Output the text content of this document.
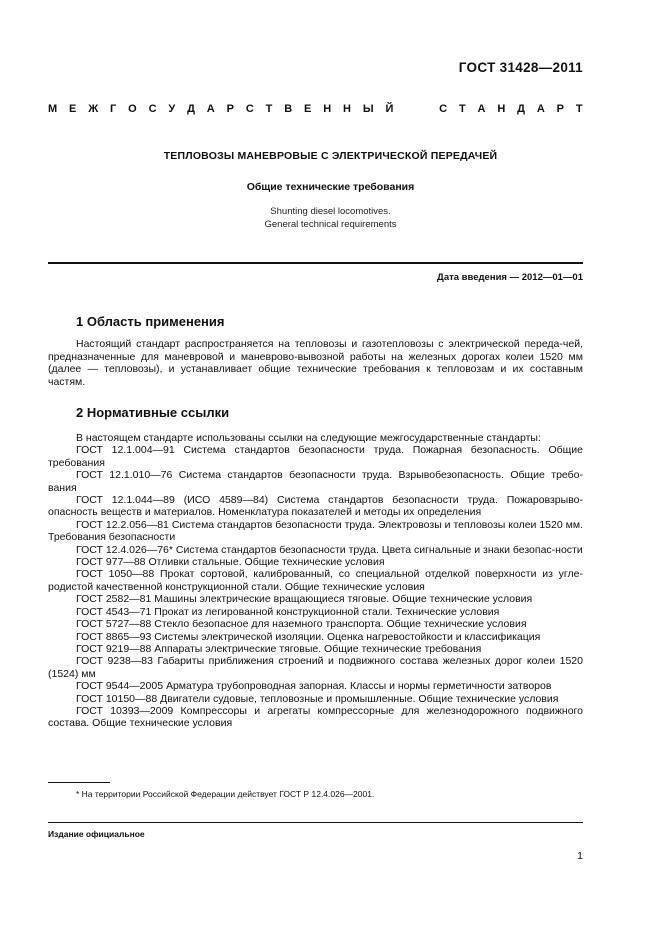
ГОСТ 31428—2011
М Е Ж Г О С У Д А Р С Т В Е Н Н Ы Й	С Т А Н Д А Р Т
ТЕПЛОВОЗЫ МАНЕВРОВЫЕ С ЭЛЕКТРИЧЕСКОЙ ПЕРЕДАЧЕЙ
Общие технические требования
Shunting diesel locomotives.
General technical requirements
Дата введения — 2012—01—01
1 Область применения

Настоящий стандарт распространяется на тепловозы и газотепловозы с электрической переда-чей, предназначенные для маневровой и маневрово-вывозной работы на железных дорогах колеи 1520 мм (далее — тепловозы), и устанавливает общие технические требования к тепловозам и их составным частям.

2 Нормативные ссылки

В настоящем стандарте использованы ссылки на следующие межгосударственные стандарты:

ГОСТ 12.1.004—91 Система стандартов безопасности труда. Пожарная безопасность. Общие требования

ГОСТ 12.1.010—76 Система стандартов безопасности труда. Взрывобезопасность. Общие требо-вания

ГОСТ 12.1.044—89 (ИСО 4589—84) Система стандартов безопасности труда. Пожаровзрыво-опасность веществ и материалов. Номенклатура показателей и методы их определения

ГОСТ 12.2.056—81 Система стандартов безопасности труда. Электровозы и тепловозы колеи 1520 мм. Требования безопасности

ГОСТ 12.4.026—76* Система стандартов безопасности труда. Цвета сигнальные и знаки безопас-ности

ГОСТ 977—88 Отливки стальные. Общие технические условия

ГОСТ 1050—88 Прокат сортовой, калиброванный, со специальной отделкой поверхности из угле-родистой качественной конструкционной стали. Общие технические условия

ГОСТ 2582—81 Машины электрические вращающиеся тяговые. Общие технические условия

ГОСТ 4543—71 Прокат из легированной конструкционной стали. Технические условия

ГОСТ 5727—88 Стекло безопасное для наземного транспорта. Общие технические условия

ГОСТ 8865—93 Системы электрической изоляции. Оценка нагревостойкости и классификация

ГОСТ 9219—88 Аппараты электрические тяговые. Общие технические требования

ГОСТ 9238—83 Габариты приближения строений и подвижного состава железных дорог колеи 1520 (1524) мм

ГОСТ 9544—2005 Арматура трубопроводная запорная. Классы и нормы герметичности затворов

ГОСТ 10150—88 Двигатели судовые, тепловозные и промышленные. Общие технические условия

ГОСТ 10393—2009 Компрессоры и агрегаты компрессорные для железнодорожного подвижного состава. Общие технические условия

* На территории Российской Федерации действует ГОСТ Р 12.4.026—2001.
Издание официальное
1
